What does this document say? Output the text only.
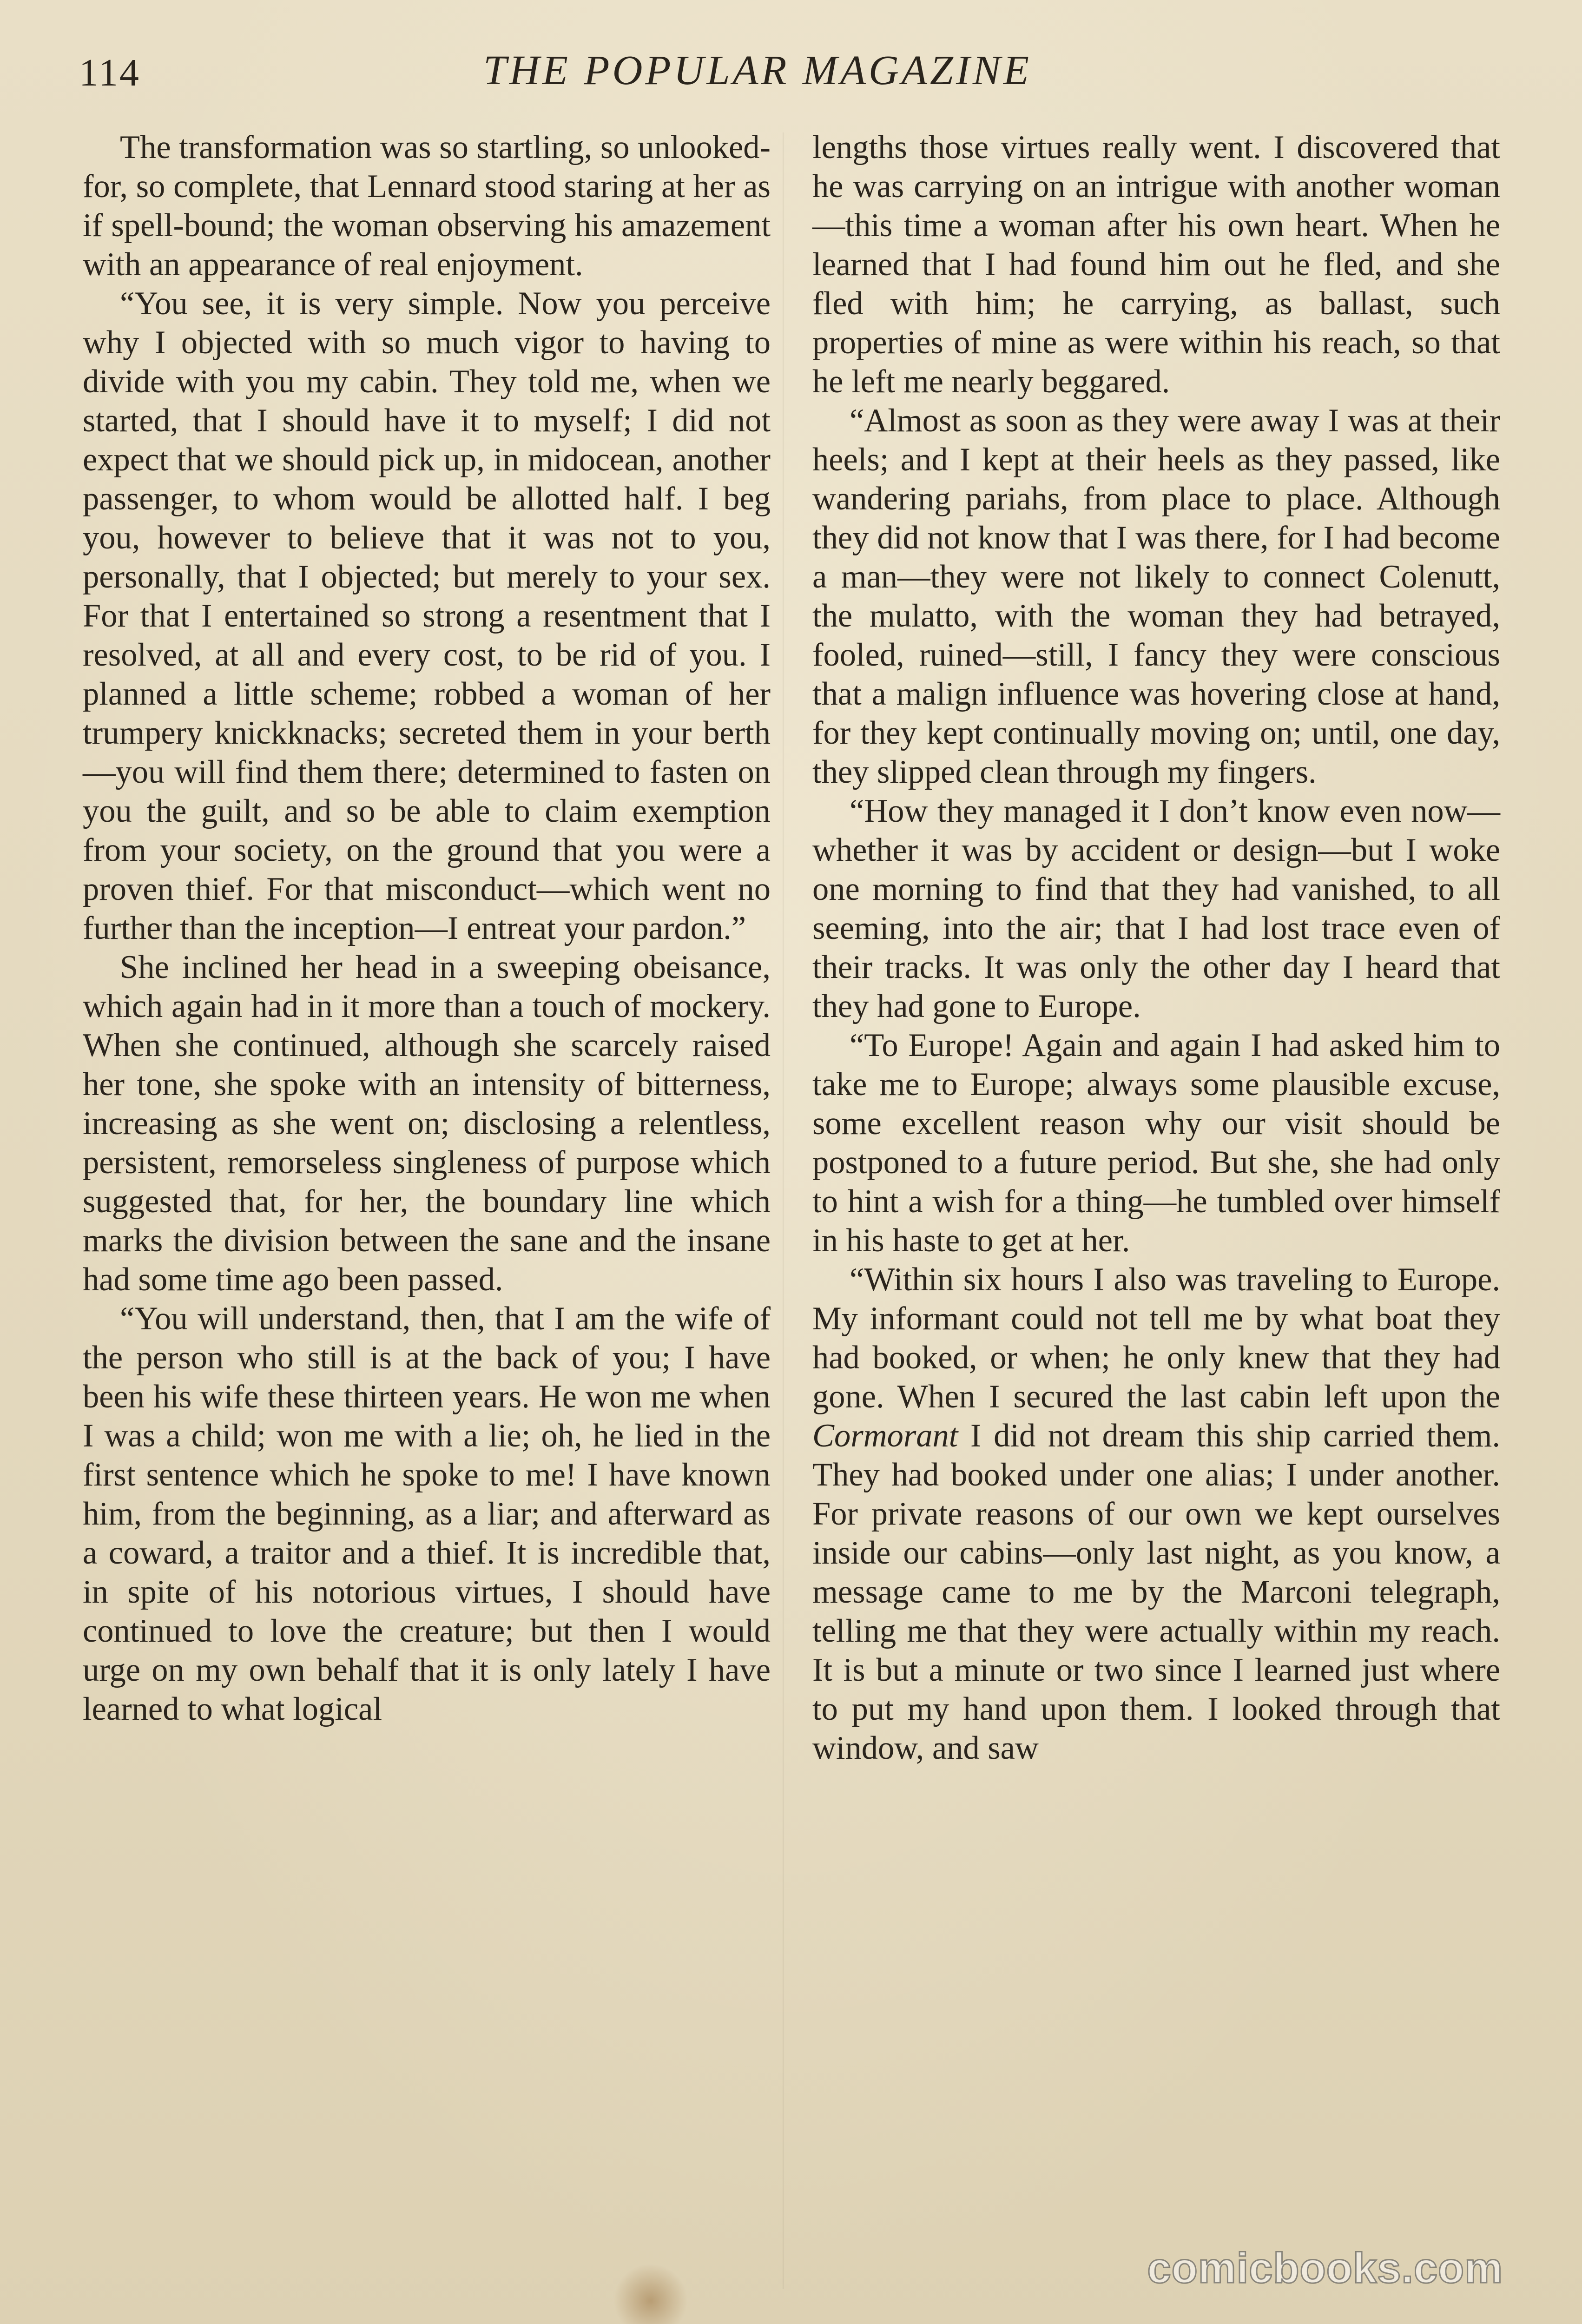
114	THE POPULAR MAGAZINE

The transformation was so startling, so unlooked-for, so complete, that Lennard stood staring at her as if spell-bound; the woman observing his amazement with an appearance of real enjoyment.

“You see, it is very simple. Now you perceive why I objected with so much vigor to having to divide with you my cabin. They told me, when we started, that I should have it to myself; I did not expect that we should pick up, in midocean, another passenger, to whom would be allotted half. I beg you, however to believe that it was not to you, personally, that I objected; but merely to your sex. For that I entertained so strong a resentment that I resolved, at all and every cost, to be rid of you. I planned a little scheme; robbed a woman of her trumpery knickknacks; secreted them in your berth—you will find them there; determined to fasten on you the guilt, and so be able to claim exemption from your society, on the ground that you were a proven thief. For that misconduct—which went no further than the inception—I entreat your pardon.”

She inclined her head in a sweeping obeisance, which again had in it more than a touch of mockery. When she continued, although she scarcely raised her tone, she spoke with an intensity of bitterness, increasing as she went on; disclosing a relentless, persistent, remorseless singleness of purpose which suggested that, for her, the boundary line which marks the division between the sane and the insane had some time ago been passed.

“You will understand, then, that I am the wife of the person who still is at the back of you; I have been his wife these thirteen years. He won me when I was a child; won me with a lie; oh, he lied in the first sentence which he spoke to me! I have known him, from the beginning, as a liar; and afterward as a coward, a traitor and a thief. It is incredible that, in spite of his notorious virtues, I should have continued to love the creature; but then I would urge on my own behalf that it is only lately I have learned to what logical

lengths those virtues really went. I discovered that he was carrying on an intrigue with another woman—this time a woman after his own heart. When he learned that I had found him out he fled, and she fled with him; he carrying, as ballast, such properties of mine as were within his reach, so that he left me nearly beggared.

“Almost as soon as they were away I was at their heels; and I kept at their heels as they passed, like wandering pariahs, from place to place. Although they did not know that I was there, for I had become a man—they were not likely to connect Colenutt, the mulatto, with the woman they had betrayed, fooled, ruined—still, I fancy they were conscious that a malign influence was hovering close at hand, for they kept continually moving on; until, one day, they slipped clean through my fingers.

“How they managed it I don’t know even now—whether it was by accident or design—but I woke one morning to find that they had vanished, to all seeming, into the air; that I had lost trace even of their tracks. It was only the other day I heard that they had gone to Europe.

“To Europe! Again and again I had asked him to take me to Europe; always some plausible excuse, some excellent reason why our visit should be postponed to a future period. But she, she had only to hint a wish for a thing—he tumbled over himself in his haste to get at her.

“Within six hours I also was traveling to Europe. My informant could not tell me by what boat they had booked, or when; he only knew that they had gone. When I secured the last cabin left upon the Cormorant I did not dream this ship carried them. They had booked under one alias; I under another. For private reasons of our own we kept ourselves inside our cabins—only last night, as you know, a message came to me by the Marconi telegraph, telling me that they were actually within my reach. It is but a minute or two since I learned just where to put my hand upon them. I looked through that window, and saw

comicbooks.com
